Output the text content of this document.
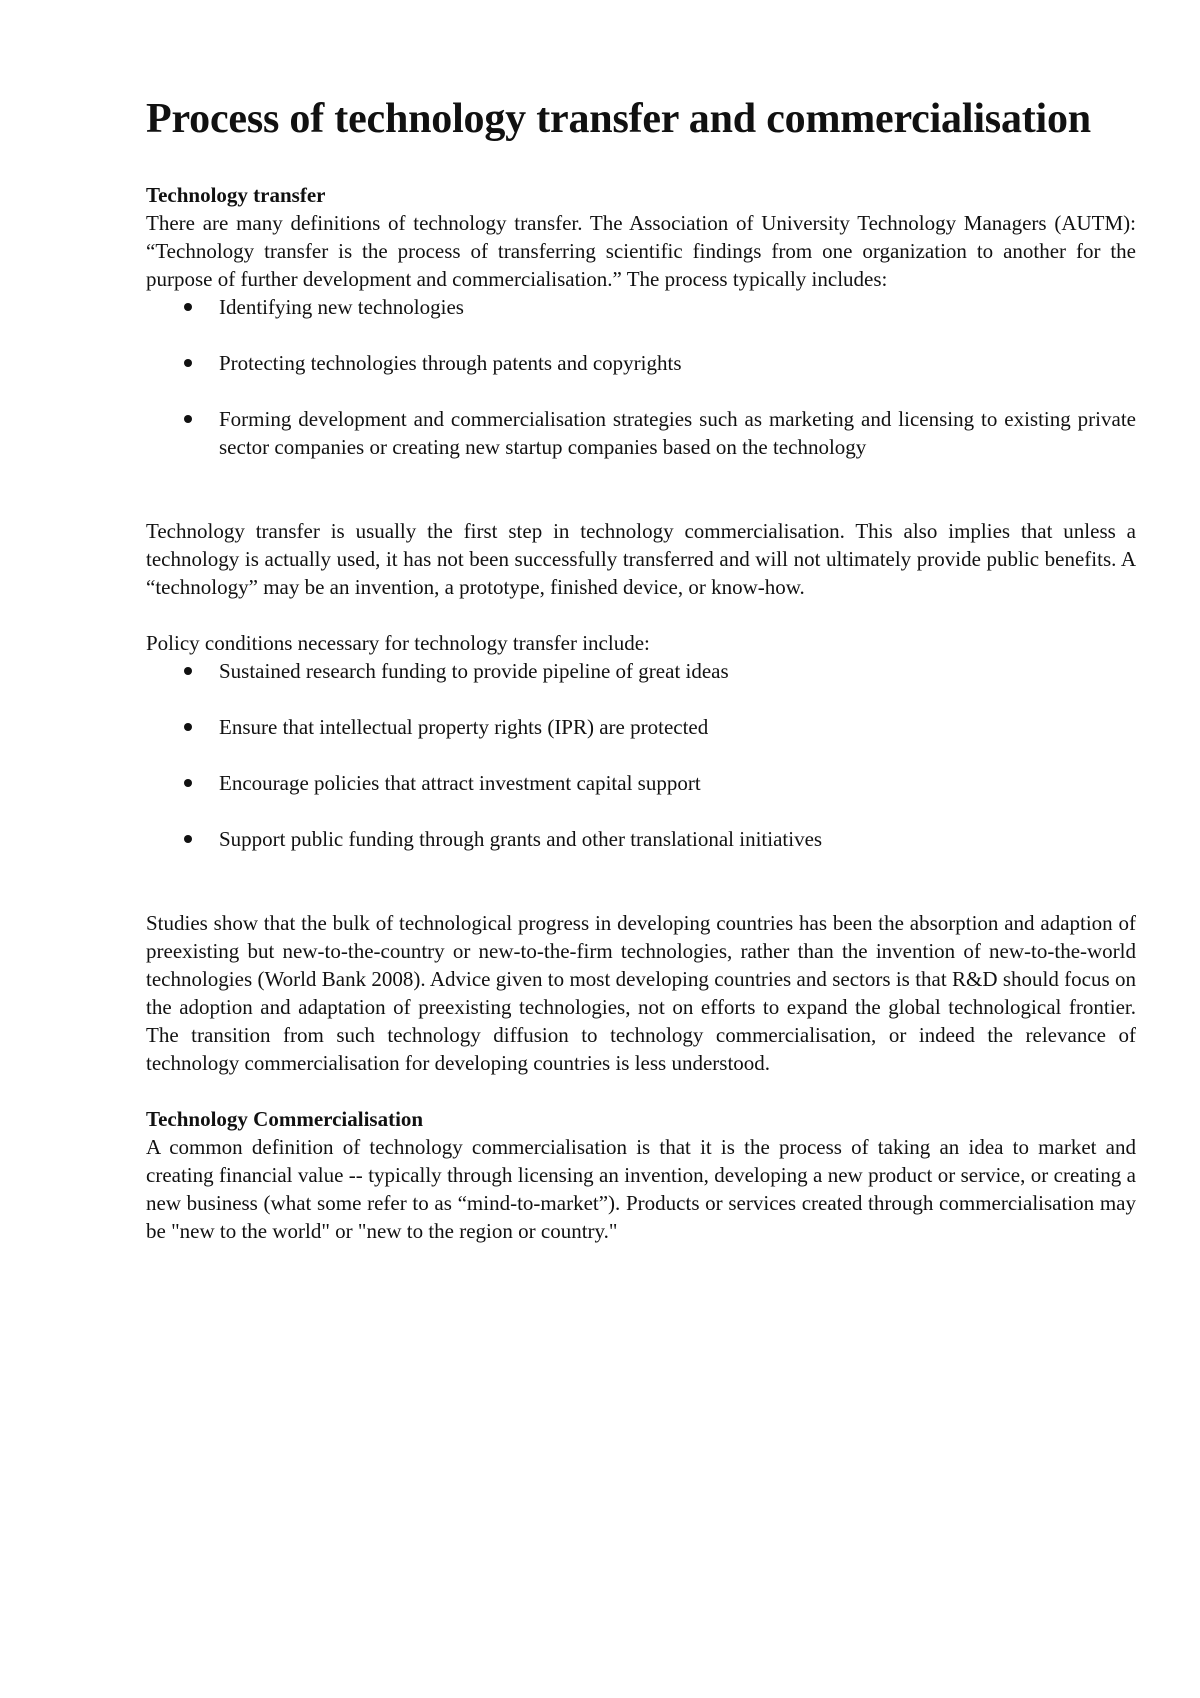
Process of technology transfer and commercialisation

Technology transfer

There are many definitions of technology transfer. The Association of University Technology Managers (AUTM): “Technology transfer is the process of transferring scientific findings from one organization to another for the purpose of further development and commercialisation.” The process typically includes:

Identifying new technologies
Protecting technologies through patents and copyrights
Forming development and commercialisation strategies such as marketing and licensing to existing private sector companies or creating new startup companies based on the technology

Technology transfer is usually the first step in technology commercialisation. This also implies that unless a technology is actually used, it has not been successfully transferred and will not ultimately provide public benefits. A “technology” may be an invention, a prototype, finished device, or know-how.

Policy conditions necessary for technology transfer include:

Sustained research funding to provide pipeline of great ideas
Ensure that intellectual property rights (IPR) are protected
Encourage policies that attract investment capital support
Support public funding through grants and other translational initiatives

Studies show that the bulk of technological progress in developing countries has been the absorption and adaption of preexisting but new-to-the-country or new-to-the-firm technologies, rather than the invention of new-to-the-world technologies (World Bank 2008). Advice given to most developing countries and sectors is that R&D should focus on the adoption and adaptation of preexisting technologies, not on efforts to expand the global technological frontier. The transition from such technology diffusion to technology commercialisation, or indeed the relevance of technology commercialisation for developing countries is less understood.

Technology Commercialisation

A common definition of technology commercialisation is that it is the process of taking an idea to market and creating financial value -- typically through licensing an invention, developing a new product or service, or creating a new business (what some refer to as “mind-to-market”). Products or services created through commercialisation may be "new to the world" or "new to the region or country."
